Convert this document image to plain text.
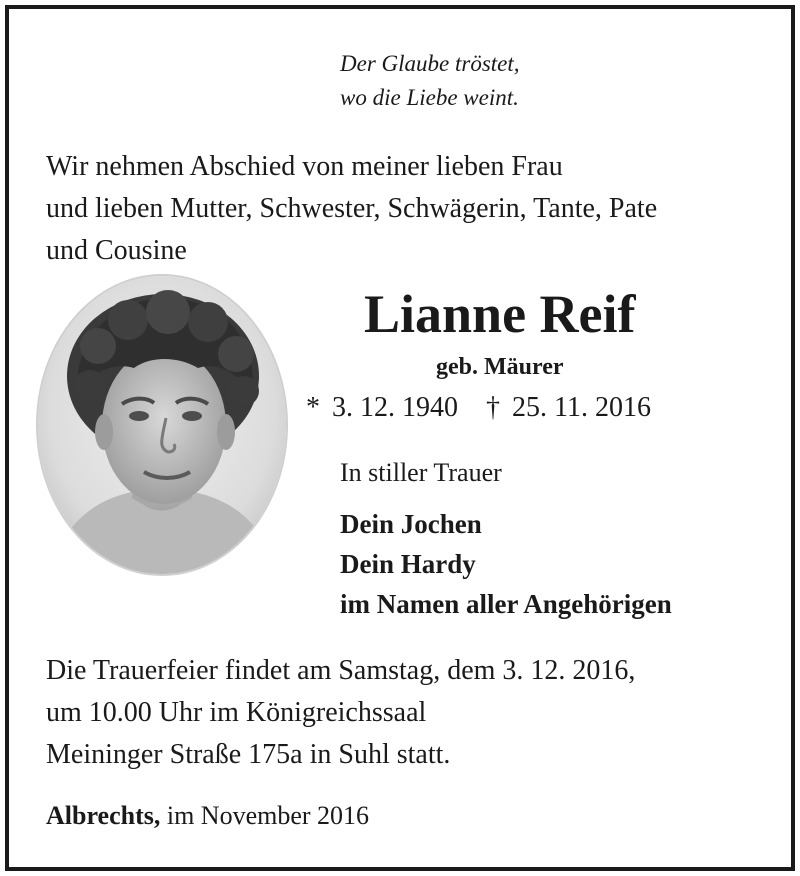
Der Glaube tröstet,
wo die Liebe weint.
Wir nehmen Abschied von meiner lieben Frau
und lieben Mutter, Schwester, Schwägerin, Tante, Pate
und Cousine
Lianne Reif
geb. Mäurer
* 3. 12. 1940 † 25. 11. 2016
In stiller Trauer
Dein Jochen
Dein Hardy
im Namen aller Angehörigen
Die Trauerfeier findet am Samstag, dem 3. 12. 2016,
um 10.00 Uhr im Königreichssaal
Meininger Straße 175a in Suhl statt.
Albrechts, im November 2016
